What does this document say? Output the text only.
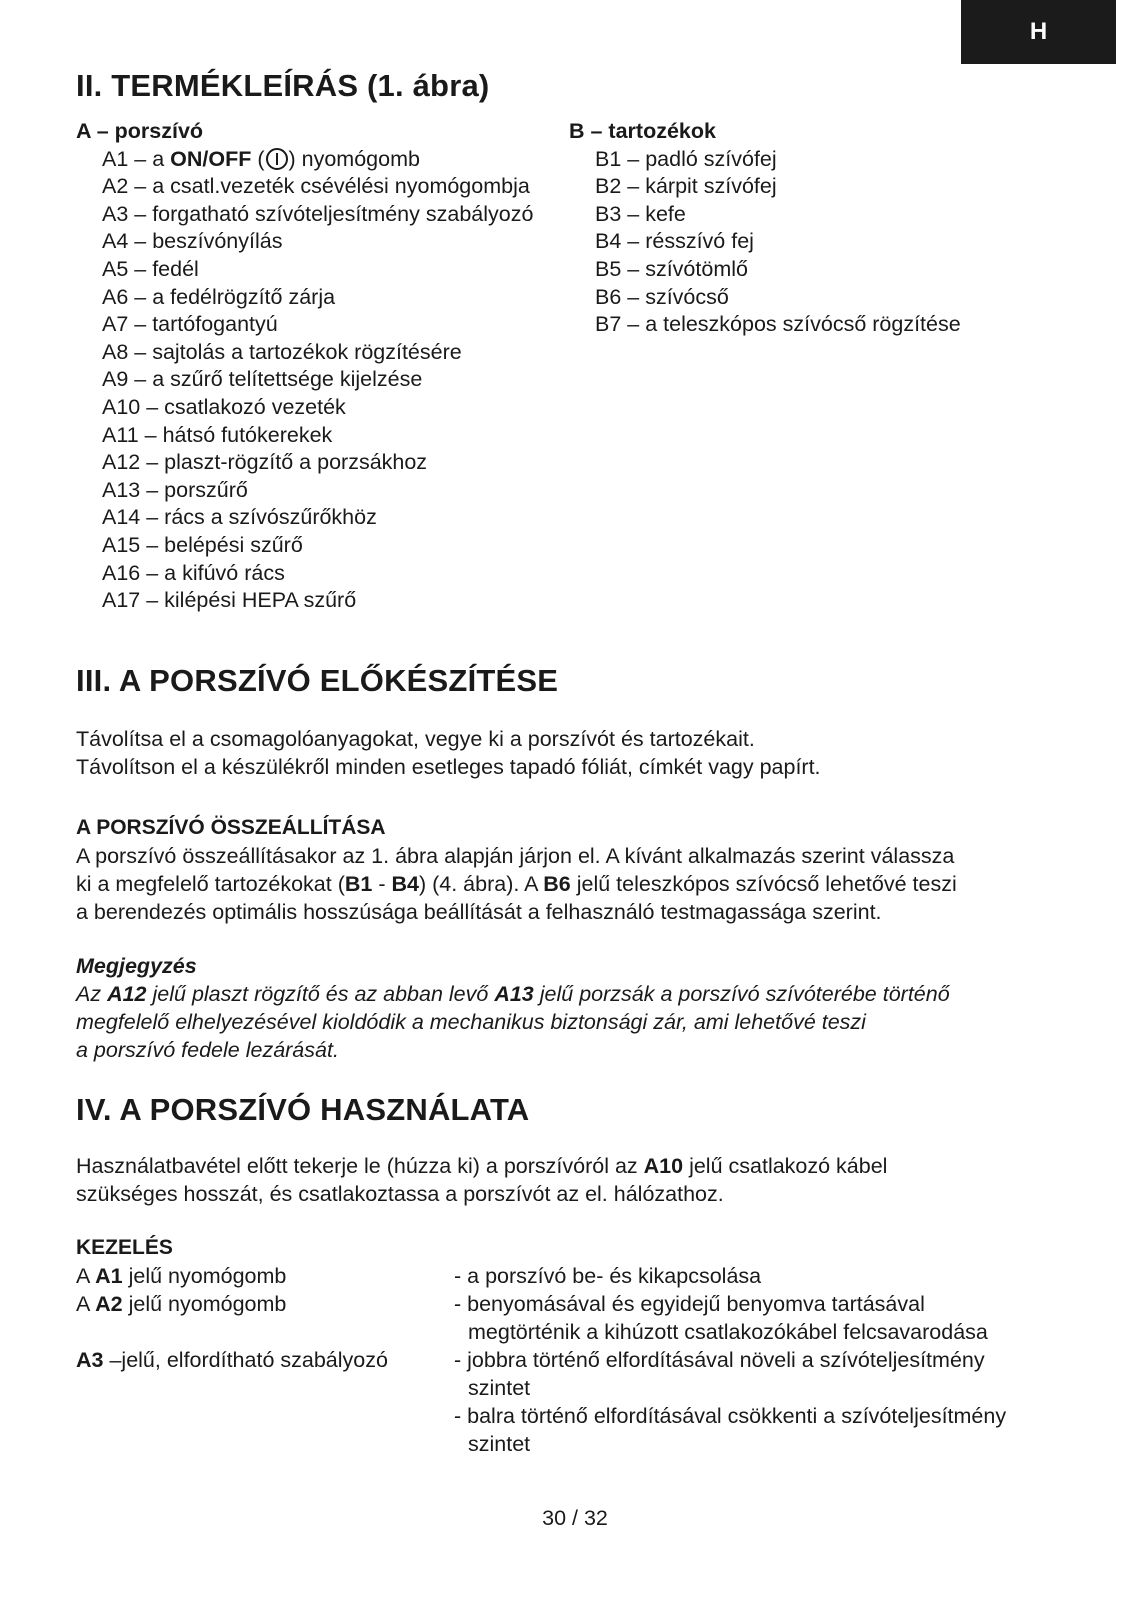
H
II. TERMÉKLEÍRÁS (1. ábra)
A – porszívó
A1 – a ON/OFF ( ) nyomógomb
A2 – a csatl.vezeték csévélési nyomógombja
A3 – forgatható szívóteljesítmény szabályozó
A4 – beszívónyílás
A5 – fedél
A6 – a fedélrögzítő zárja
A7 – tartófogantyú
A8 – sajtolás a tartozékok rögzítésére
A9 – a szűrő telítettsége kijelzése
A10 – csatlakozó vezeték
A11 – hátsó futókerekek
A12 – plaszt-rögzítő a porzsákhoz
A13 – porszűrő
A14 – rács a szívószűrőkhöz
A15 – belépési szűrő
A16 – a kifúvó rács
A17 – kilépési HEPA szűrő
B – tartozékok
B1 – padló szívófej
B2 – kárpit szívófej
B3 – kefe
B4 – résszívó fej
B5 – szívótömlő
B6 – szívócső
B7 – a teleszkópos szívócső rögzítése
III. A PORSZÍVÓ ELŐKÉSZÍTÉSE
Távolítsa el a csomagolóanyagokat, vegye ki a porszívót és tartozékait.
Távolítson el a készülékről minden esetleges tapadó fóliát, címkét vagy papírt.
A PORSZÍVÓ ÖSSZEÁLLÍTÁSA
A porszívó összeállításakor az 1. ábra alapján járjon el. A kívánt alkalmazás szerint válassza
ki a megfelelő tartozékokat (B1 - B4) (4. ábra). A B6 jelű teleszkópos szívócső lehetővé teszi
a berendezés optimális hosszúsága beállítását a felhasználó testmagassága szerint.
Megjegyzés
Az A12 jelű plaszt rögzítő és az abban levő A13 jelű porzsák a porszívó szívóterébe történő
megfelelő elhelyezésével kioldódik a mechanikus biztonsági zár, ami lehetővé teszi
a porszívó fedele lezárását.
IV. A PORSZÍVÓ HASZNÁLATA
Használatbavétel előtt tekerje le (húzza ki) a porszívóról az A10 jelű csatlakozó kábel
szükséges hosszát, és csatlakoztassa a porszívót az el. hálózathoz.
KEZELÉS
A A1 jelű nyomógomb	- a porszívó be- és kikapcsolása
A A2 jelű nyomógomb	- benyomásával és egyidejű benyomva tartásával
megtörténik a kihúzott csatlakozókábel felcsavarodása
A3 –jelű, elfordítható szabályozó	- jobbra történő elfordításával növeli a szívóteljesítmény
szintet
- balra történő elfordításával csökkenti a szívóteljesítmény
szintet
30 / 32
